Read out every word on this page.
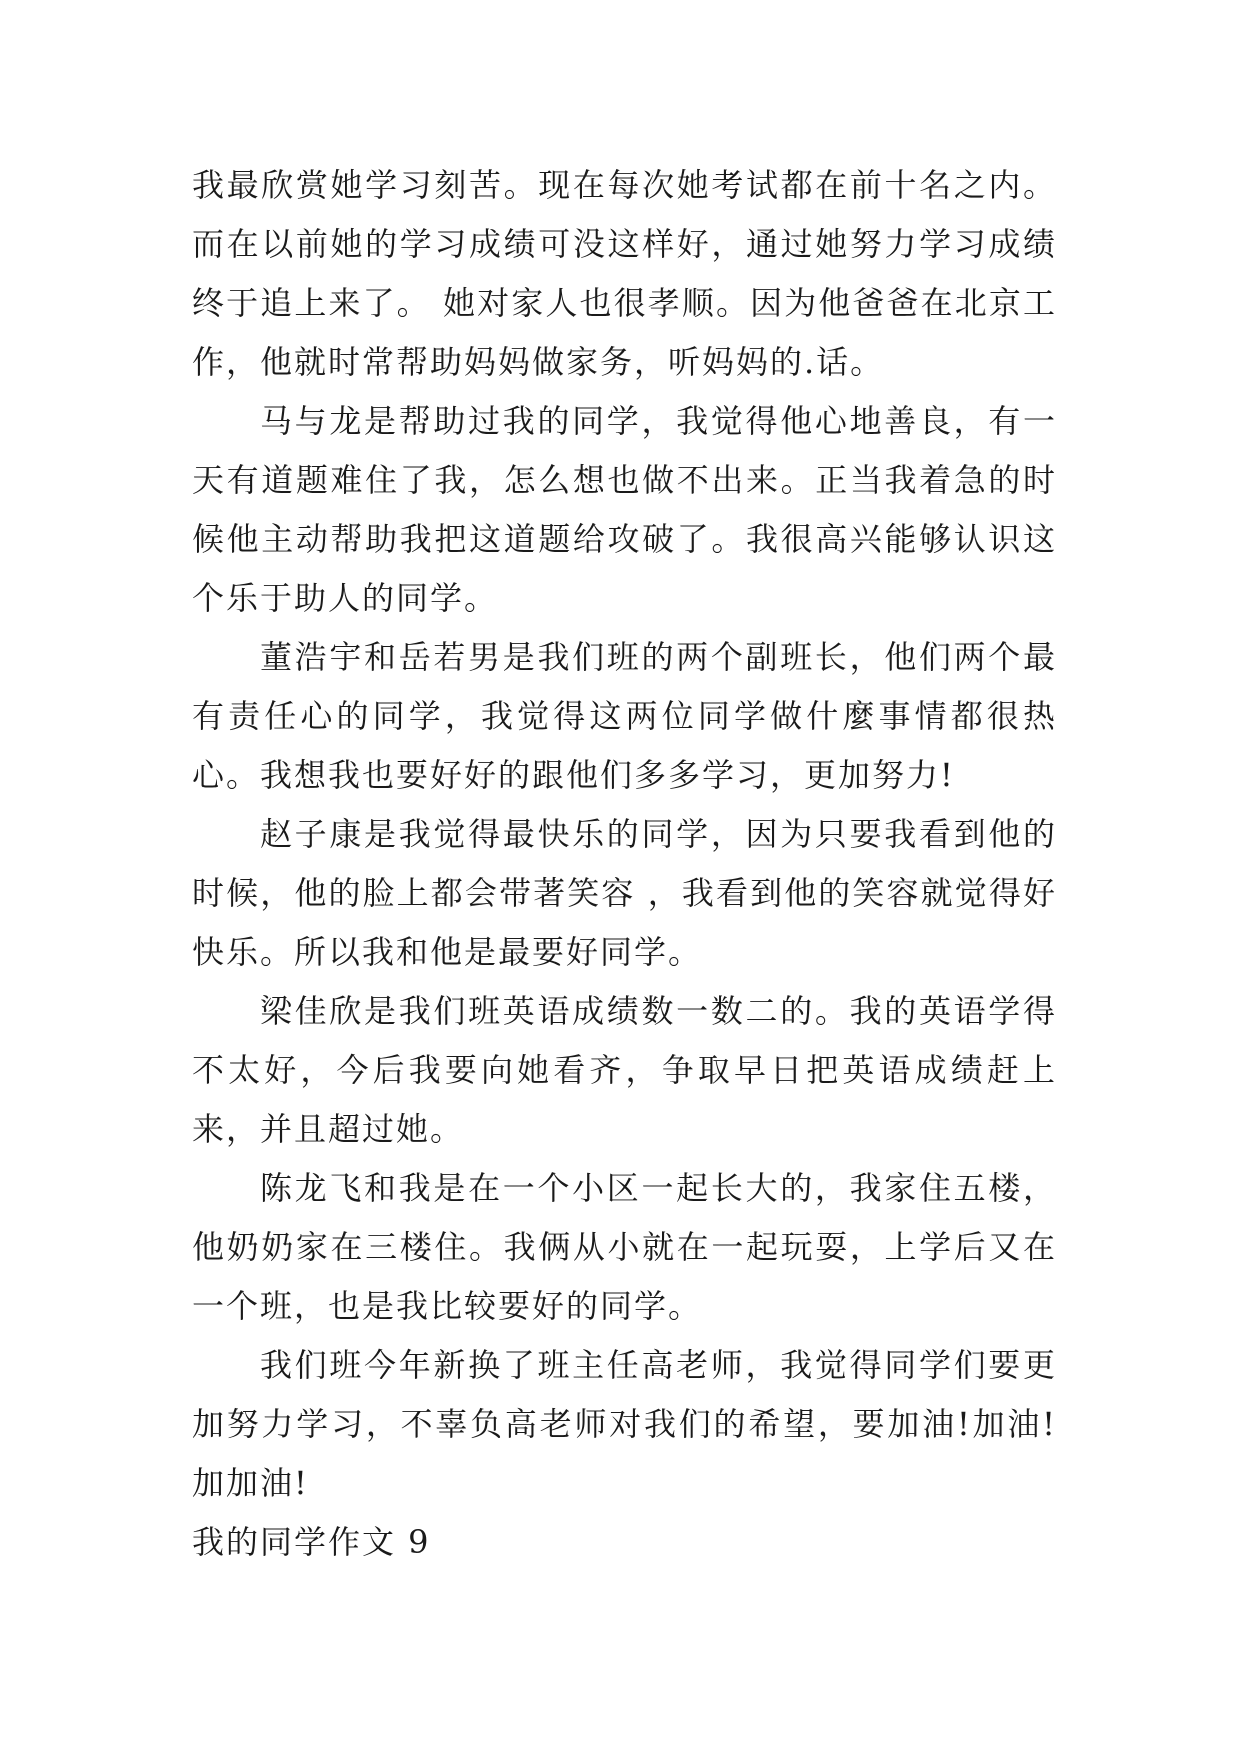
我最欣赏她学习刻苦。现在每次她考试都在前十名之内。而在以前她的学习成绩可没这样好，通过她努力学习成绩终于追上来了。 她对家人也很孝顺。因为他爸爸在北京工作，他就时常帮助妈妈做家务，听妈妈的.话。

马与龙是帮助过我的同学，我觉得他心地善良，有一天有道题难住了我，怎么想也做不出来。正当我着急的时候他主动帮助我把这道题给攻破了。我很高兴能够认识这个乐于助人的同学。

董浩宇和岳若男是我们班的两个副班长，他们两个最有责任心的同学，我觉得这两位同学做什麼事情都很热心。我想我也要好好的跟他们多多学习，更加努力!

赵子康是我觉得最快乐的同学，因为只要我看到他的时候，他的脸上都会带著笑容 ，我看到他的笑容就觉得好快乐。所以我和他是最要好同学。

梁佳欣是我们班英语成绩数一数二的。我的英语学得不太好，今后我要向她看齐，争取早日把英语成绩赶上来，并且超过她。

陈龙飞和我是在一个小区一起长大的，我家住五楼，他奶奶家在三楼住。我俩从小就在一起玩耍，上学后又在一个班，也是我比较要好的同学。

我们班今年新换了班主任高老师，我觉得同学们要更加努力学习，不辜负高老师对我们的希望，要加油!加油!加加油!

我的同学作文 9
